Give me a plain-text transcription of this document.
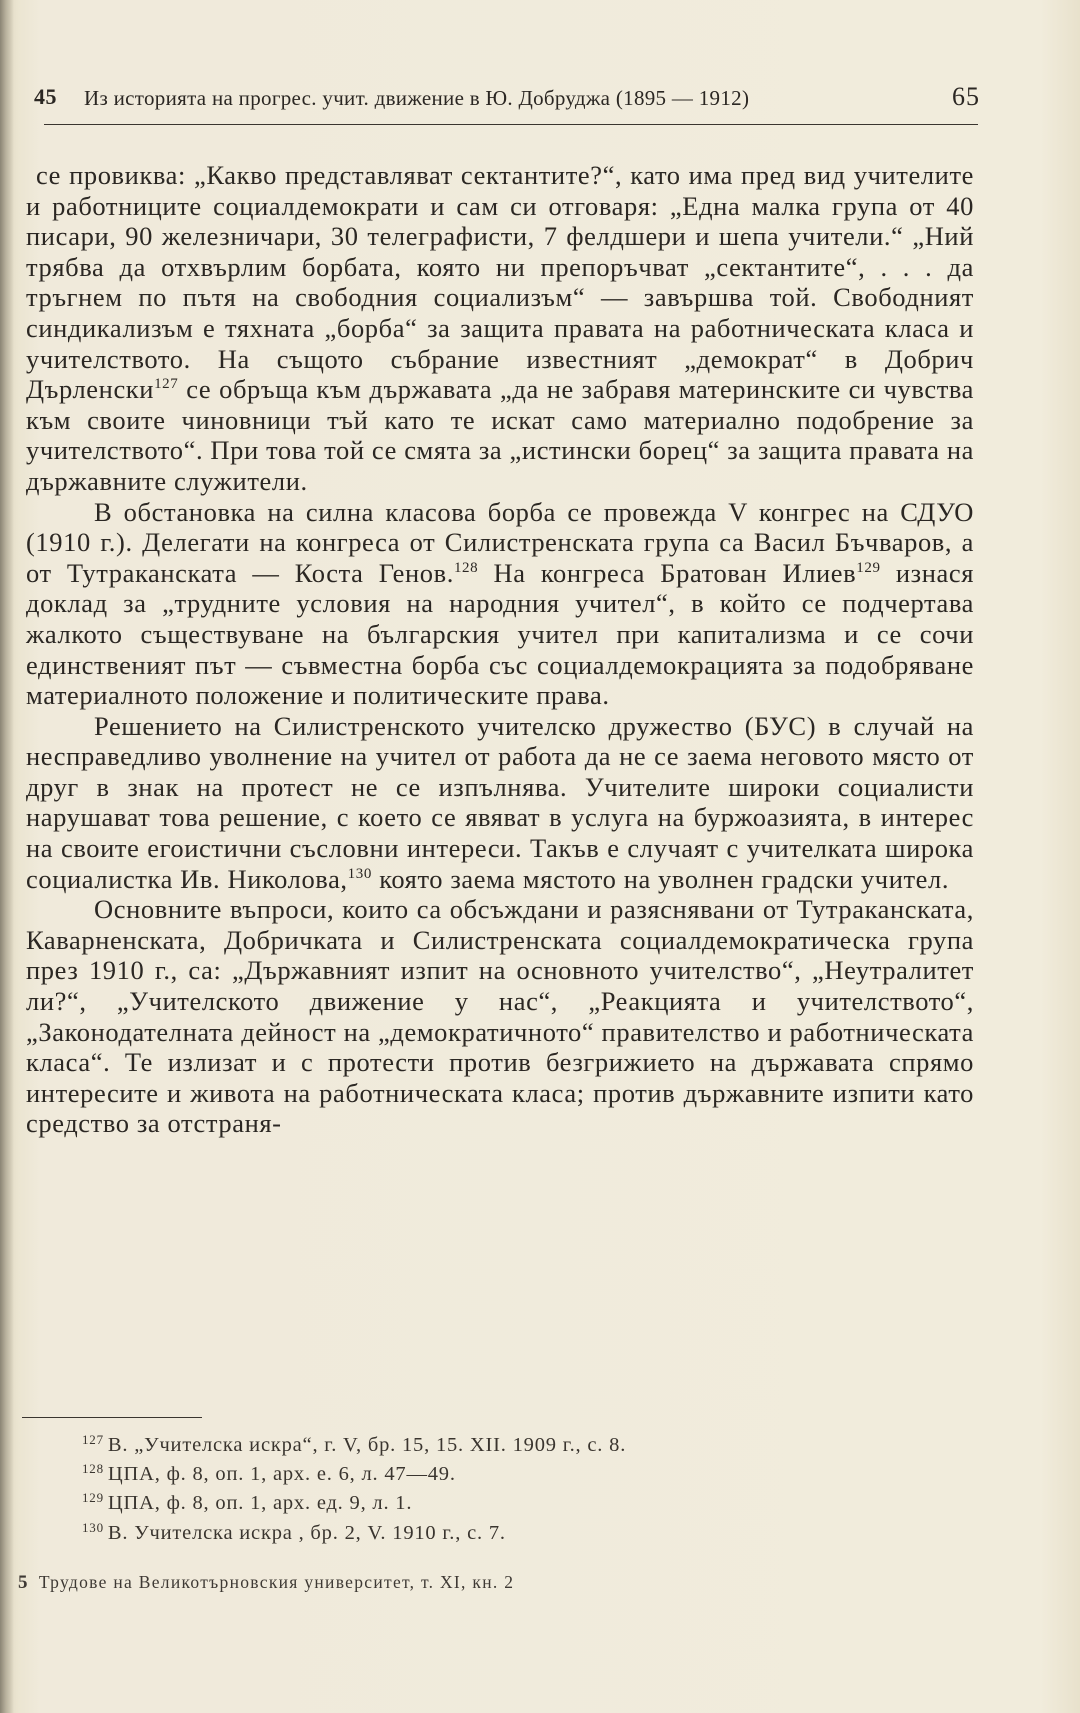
45 Из историята на прогрес. учит. движение в Ю. Добруджа (1895 — 1912)	65

се провиква: „Какво представляват сектантите?“, като има пред вид учителите и работниците социалдемократи и сам си отговаря: „Една малка група от 40 писари, 90 железничари, 30 телеграфисти, 7 фелдшери и шепа учители.“ „Ний трябва да отхвърлим борбата, която ни препоръчват „сектантите“, . . . да тръгнем по пътя на свободния социализъм“ — завършва той. Свободният синдикализъм е тяхната „борба“ за защита правата на работническата класа и учителството. На същото събрание известният „демократ“ в Добрич Дърленски$^{127}$ се обръща към държавата „да не забравя материнските си чувства към своите чиновници тъй като те искат само материално подобрение за учителството“. При това той се смята за „истински борец“ за защита правата на държавните служители.

В обстановка на силна класова борба се провежда V конгрес на СДУО (1910 г.). Делегати на конгреса от Силистренската група са Васил Бъчваров, а от Тутраканската — Коста Генов.$^{128}$ На конгреса Братован Илиев$^{129}$ изнася доклад за „трудните условия на народния учител“, в който се подчертава жалкото съществуване на българския учител при капитализма и се сочи единственият път — съвместна борба със социалдемокрацията за подобряване материалното положение и политическите права.

Решението на Силистренското учителско дружество (БУС) в случай на несправедливо уволнение на учител от работа да не се заема неговото място от друг в знак на протест не се изпълнява. Учителите широки социалисти нарушават това решение, с което се явяват в услуга на буржоазията, в интерес на своите егоистични съсловни интереси. Такъв е случаят с учителката широка социалистка Ив. Николова,$^{130}$ която заема мястото на уволнен градски учител.

Основните въпроси, които са обсъждани и разяснявани от Тутраканската, Каварненската, Добричката и Силистренската социалдемократическа група през 1910 г., са: „Държавният изпит на основното учителство“, „Неутралитет ли?“, „Учителското движение у нас“, „Реакцията и учителството“, „Законодателната дейност на „демократичното“ правителство и работническата класа“. Те излизат и с протести против безгрижието на държавата спрямо интересите и живота на работническата класа; против държавните изпити като средство за отстраня-

$^{127}$ В. „Учителска искра“, г. V, бр. 15, 15. XII. 1909 г., с. 8.
$^{128}$ ЦПА, ф. 8, оп. 1, арх. е. 6, л. 47—49.
$^{129}$ ЦПА, ф. 8, оп. 1, арх. ед. 9, л. 1.
$^{130}$ В. Учителска искра , бр. 2, V. 1910 г., с. 7.
5 Трудове на Великотърновския университет, т. XI, кн. 2
